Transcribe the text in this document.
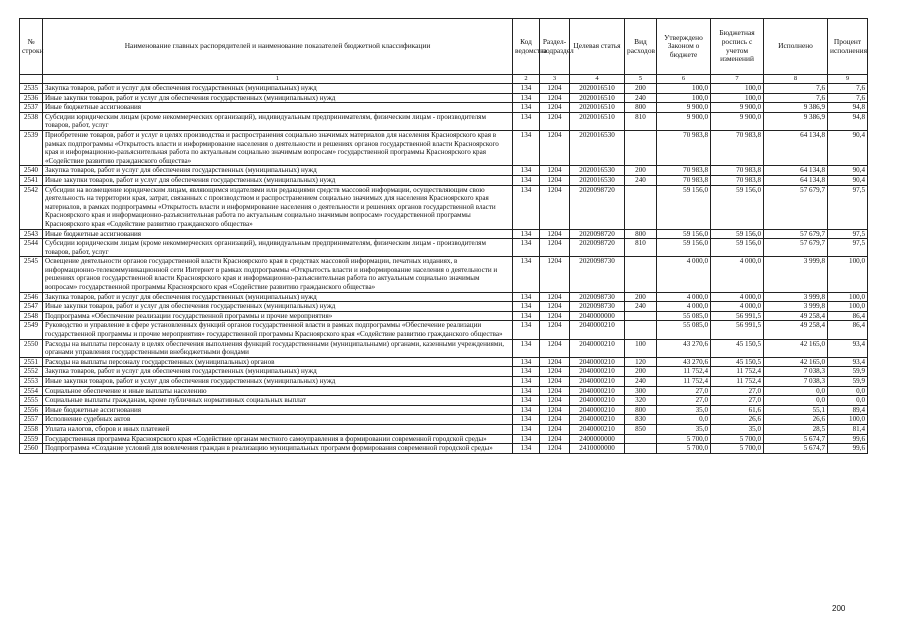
№ строки	Наименование главных распорядителей и наименование показателей бюджетной классификации	Код ведомства	Раздел-подраздел	Целевая статья	Вид расходов	Утверждено Законом о бюджете	Бюджетная роспись с учетом изменений	Исполнено	Процент исполнения
	1	2	3	4	5	6	7	8	9
2535	Закупка товаров, работ и услуг для обеспечения государственных (муниципальных) нужд	134	1204	2020016510	200	100,0	100,0	7,6	7,6
2536	Иные закупки товаров, работ и услуг для обеспечения государственных (муниципальных) нужд	134	1204	2020016510	240	100,0	100,0	7,6	7,6
2537	Иные бюджетные ассигнования	134	1204	2020016510	800	9 900,0	9 900,0	9 386,9	94,8
2538	Субсидии юридическим лицам (кроме некоммерческих организаций), индивидуальным предпринимателям, физическим лицам - производителям товаров, работ, услуг	134	1204	2020016510	810	9 900,0	9 900,0	9 386,9	94,8
2539	Приобретение товаров, работ и услуг в целях производства и распространения социально значимых материалов для населения Красноярского края в рамках подпрограммы «Открытость власти и информирование населения о деятельности и решениях органов государственной власти Красноярского края и информационно-разъяснительная работа по актуальным социально значимым вопросам» государственной программы Красноярского края «Содействие развитию гражданского общества»	134	1204	2020016530		70 983,8	70 983,8	64 134,8	90,4
2540	Закупка товаров, работ и услуг для обеспечения государственных (муниципальных) нужд	134	1204	2020016530	200	70 983,8	70 983,8	64 134,8	90,4
2541	Иные закупки товаров, работ и услуг для обеспечения государственных (муниципальных) нужд	134	1204	2020016530	240	70 983,8	70 983,8	64 134,8	90,4
2542	Субсидии на возмещение юридическим лицам, являющимся издателями или редакциями средств массовой информации, осуществляющим свою деятельность на территории края, затрат, связанных с производством и распространением социально значимых для населения Красноярского края материалов, в рамках подпрограммы «Открытость власти и информирование населения о деятельности и решениях органов государственной власти Красноярского края и информационно-разъяснительная работа по актуальным социально значимым вопросам» государственной программы Красноярского края «Содействие развитию гражданского общества»	134	1204	2020098720		59 156,0	59 156,0	57 679,7	97,5
2543	Иные бюджетные ассигнования	134	1204	2020098720	800	59 156,0	59 156,0	57 679,7	97,5
2544	Субсидии юридическим лицам (кроме некоммерческих организаций), индивидуальным предпринимателям, физическим лицам - производителям товаров, работ, услуг	134	1204	2020098720	810	59 156,0	59 156,0	57 679,7	97,5
2545	Освещение деятельности органов государственной власти Красноярского края в средствах массовой информации, печатных изданиях, в информационно-телекоммуникационной сети Интернет в рамках подпрограммы «Открытость власти и информирование населения о деятельности и решениях органов государственной власти Красноярского края и информационно-разъяснительная работа по актуальным социально значимым вопросам» государственной программы Красноярского края «Содействие развитию гражданского общества»	134	1204	2020098730		4 000,0	4 000,0	3 999,8	100,0
2546	Закупка товаров, работ и услуг для обеспечения государственных (муниципальных) нужд	134	1204	2020098730	200	4 000,0	4 000,0	3 999,8	100,0
2547	Иные закупки товаров, работ и услуг для обеспечения государственных (муниципальных) нужд	134	1204	2020098730	240	4 000,0	4 000,0	3 999,8	100,0
2548	Подпрограмма «Обеспечение реализации государственной программы и прочие мероприятия»	134	1204	2040000000		55 085,0	56 991,5	49 258,4	86,4
2549	Руководство и управление в сфере установленных функций органов государственной власти в рамках подпрограммы «Обеспечение реализации государственной программы и прочие мероприятия» государственной программы Красноярского края «Содействие развитию гражданского общества»	134	1204	2040000210		55 085,0	56 991,5	49 258,4	86,4
2550	Расходы на выплаты персоналу в целях обеспечения выполнения функций государственными (муниципальными) органами, казенными учреждениями, органами управления государственными внебюджетными фондами	134	1204	2040000210	100	43 270,6	45 150,5	42 165,0	93,4
2551	Расходы на выплаты персоналу государственных (муниципальных) органов	134	1204	2040000210	120	43 270,6	45 150,5	42 165,0	93,4
2552	Закупка товаров, работ и услуг для обеспечения государственных (муниципальных) нужд	134	1204	2040000210	200	11 752,4	11 752,4	7 038,3	59,9
2553	Иные закупки товаров, работ и услуг для обеспечения государственных (муниципальных) нужд	134	1204	2040000210	240	11 752,4	11 752,4	7 038,3	59,9
2554	Социальное обеспечение и иные выплаты населению	134	1204	2040000210	300	27,0	27,0	0,0	0,0
2555	Социальные выплаты гражданам, кроме публичных нормативных социальных выплат	134	1204	2040000210	320	27,0	27,0	0,0	0,0
2556	Иные бюджетные ассигнования	134	1204	2040000210	800	35,0	61,6	55,1	89,4
2557	Исполнение судебных актов	134	1204	2040000210	830	0,0	26,6	26,6	100,0
2558	Уплата налогов, сборов и иных платежей	134	1204	2040000210	850	35,0	35,0	28,5	81,4
2559	Государственная программа Красноярского края «Содействие органам местного самоуправления в формировании современной городской среды»	134	1204	2400000000		5 700,0	5 700,0	5 674,7	99,6
2560	Подпрограмма «Создание условий для вовлечения граждан в реализацию муниципальных программ формирования современной городской среды»	134	1204	2410000000		5 700,0	5 700,0	5 674,7	99,6
200
